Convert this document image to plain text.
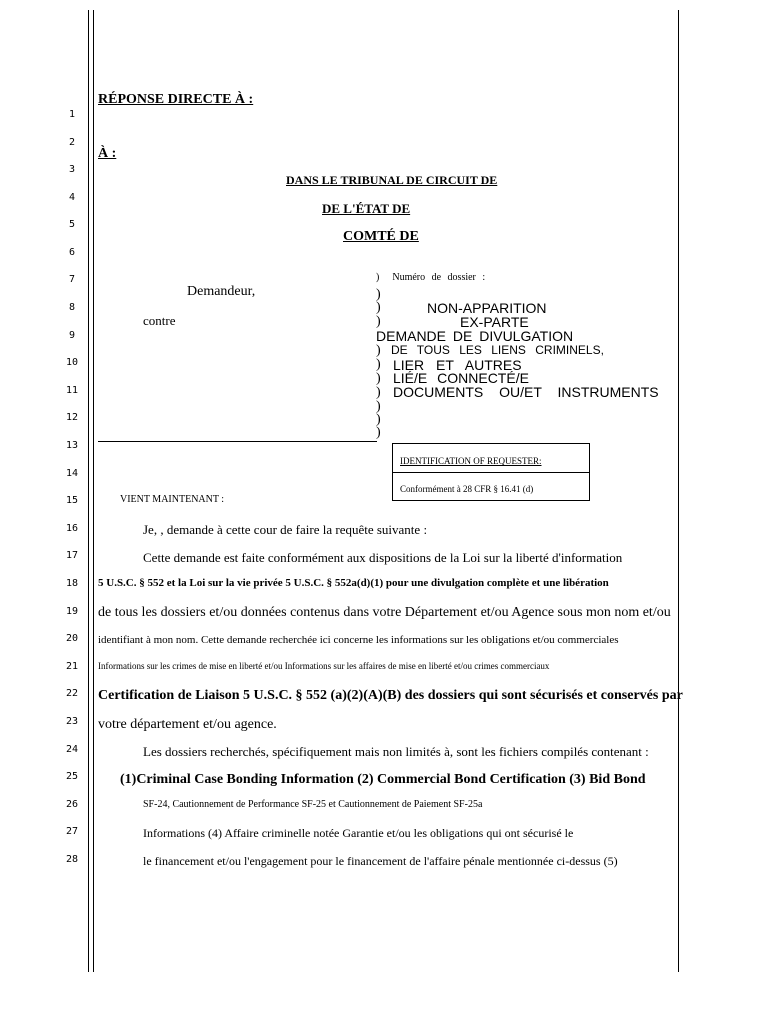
1
2
3
4
5
6
7
8
9
10
11
12
13
14
15
16
17
18
19
20
21
22
23
24
25
26
27
28
RÉPONSE DIRECTE À :
À :
DANS LE TRIBUNAL DE CIRCUIT DE
DE L'ÉTAT DE
COMTÉ DE
Demandeur,
contre
) Numéro de dossier :
)
)
)
)
)
)
)
)
)
)
NON-APPARITION
EX-PARTE
DEMANDE DE DIVULGATION
DE TOUS LES LIENS CRIMINELS,
LIER ET AUTRES
LIÉ/E CONNECTÉ/E
DOCUMENTS OU/ET INSTRUMENTS
IDENTIFICATION OF REQUESTER:
Conformément à 28 CFR § 16.41 (d)
VIENT MAINTENANT :
Je, , demande à cette cour de faire la requête suivante :
Cette demande est faite conformément aux dispositions de la Loi sur la liberté d'information
5 U.S.C. § 552 et la Loi sur la vie privée 5 U.S.C. § 552a(d)(1) pour une divulgation complète et une libération
de tous les dossiers et/ou données contenus dans votre Département et/ou Agence sous mon nom et/ou
identifiant à mon nom. Cette demande recherchée ici concerne les informations sur les obligations et/ou commerciales
Informations sur les crimes de mise en liberté et/ou Informations sur les affaires de mise en liberté et/ou crimes commerciaux
Certification de Liaison 5 U.S.C. § 552 (a)(2)(A)(B) des dossiers qui sont sécurisés et conservés par
votre département et/ou agence.
Les dossiers recherchés, spécifiquement mais non limités à, sont les fichiers compilés contenant :
(1)Criminal Case Bonding Information (2) Commercial Bond Certification (3) Bid Bond
SF-24, Cautionnement de Performance SF-25 et Cautionnement de Paiement SF-25a
Informations (4) Affaire criminelle notée Garantie et/ou les obligations qui ont sécurisé le
le financement et/ou l'engagement pour le financement de l'affaire pénale mentionnée ci-dessus (5)
